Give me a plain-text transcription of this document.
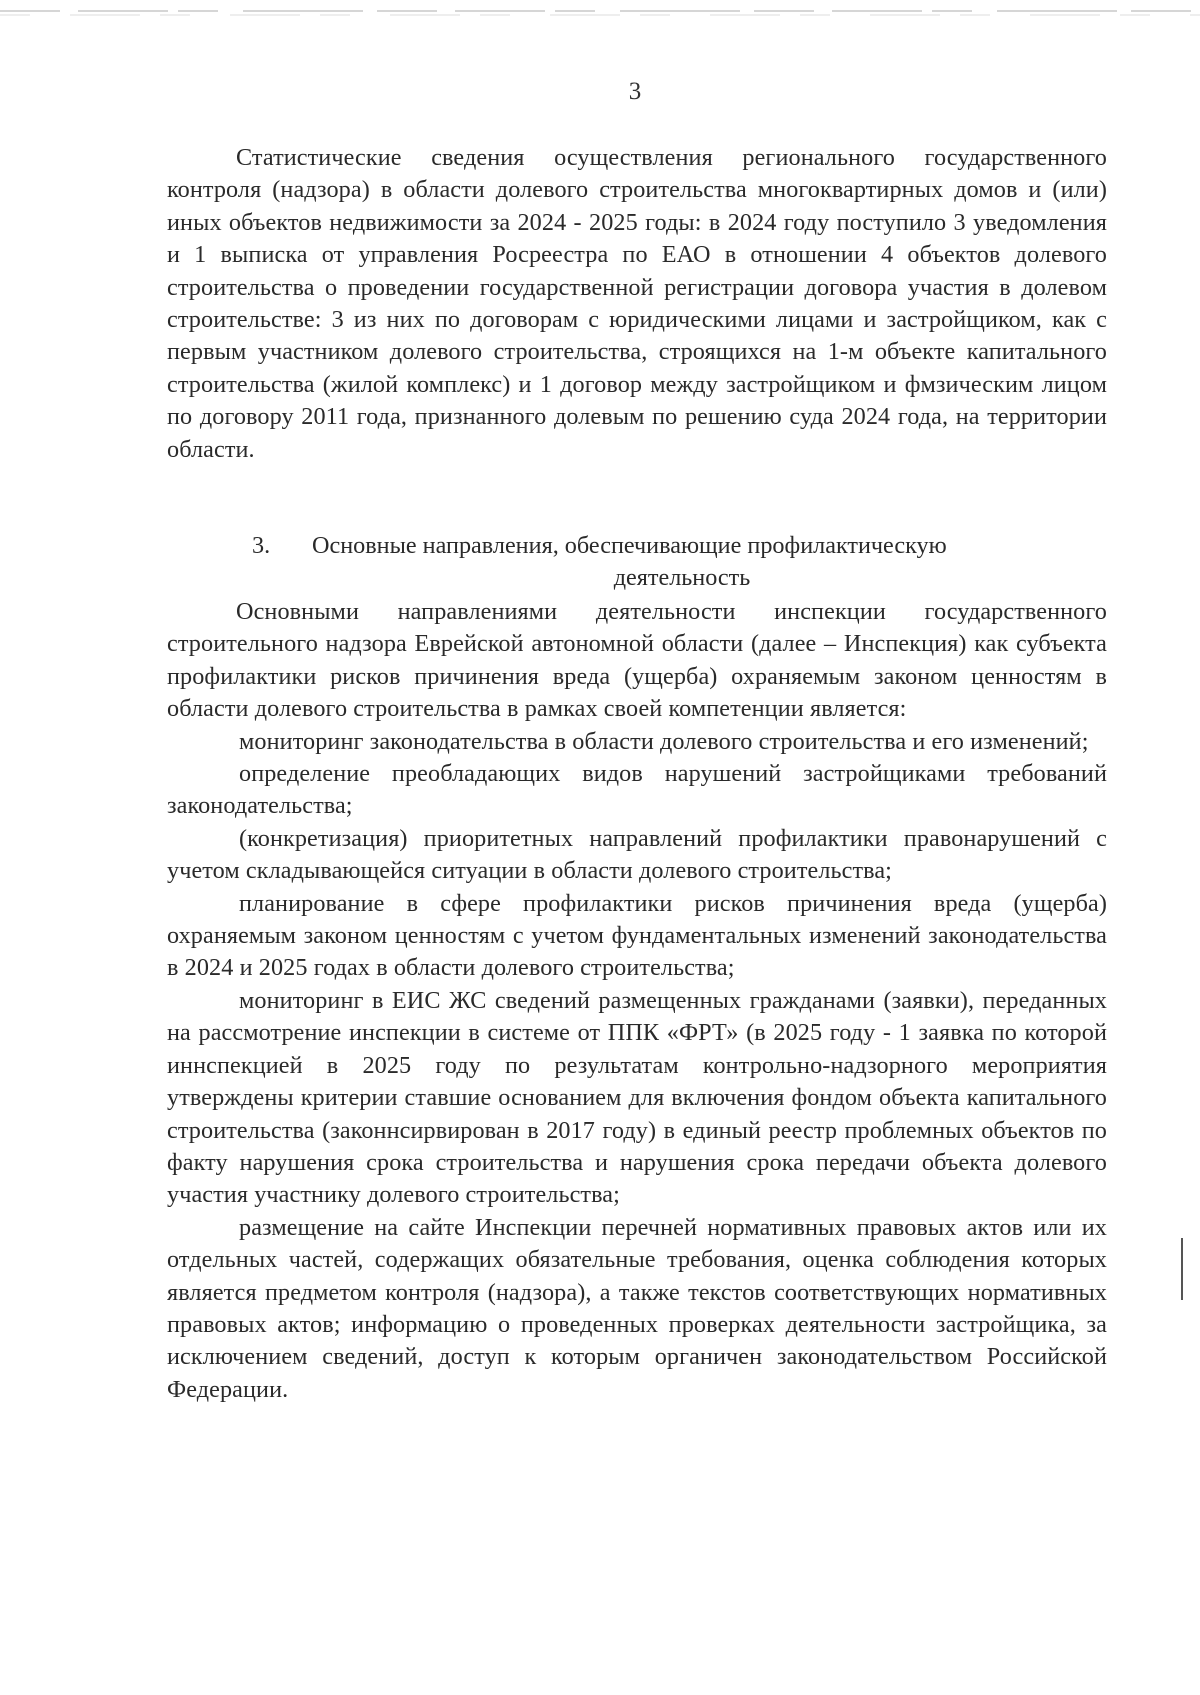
3

Статистические сведения осуществления регионального государственного контроля (надзора) в области долевого строительства многоквартирных домов и (или) иных объектов недвижимости за 2024 - 2025 годы: в 2024 году поступило 3 уведомления и 1 выписка от управления Росреестра по ЕАО в отношении 4 объектов долевого строительства о проведении государственной регистрации договора участия в долевом строительстве: 3 из них по договорам с юридическими лицами и застройщиком, как с первым участником долевого строительства, строящихся на 1-м объекте капитального строительства (жилой комплекс) и 1 договор между застройщиком и фмзическим лицом по договору 2011 года, признанного долевым по решению суда 2024 года, на территории области.

3.	Основные направления, обеспечивающие профилактическую
деятельность

Основными направлениями деятельности инспекции государственного строительного надзора Еврейской автономной области (далее – Инспекция) как субъекта профилактики рисков причинения вреда (ущерба) охраняемым законом ценностям в области долевого строительства в рамках своей компетенции является:

мониторинг законодательства в области долевого строительства и его изменений;

определение преобладающих видов нарушений застройщиками требований законодательства;

(конкретизация) приоритетных направлений профилактики правонарушений с учетом складывающейся ситуации в области долевого строительства;

планирование в сфере профилактики рисков причинения вреда (ущерба) охраняемым законом ценностям с учетом фундаментальных изменений законодательства в 2024 и 2025 годах в области долевого строительства;

мониторинг в ЕИС ЖС сведений размещенных гражданами (заявки), переданных на рассмотрение инспекции в системе от ППК «ФРТ» (в 2025 году - 1 заявка по которой иннспекцией в 2025 году по результатам контрольно-надзорного мероприятия утверждены критерии ставшие основанием для включения фондом объекта капитального строительства (законнсирвирован в 2017 году) в единый реестр проблемных объектов по факту нарушения срока строительства и нарушения срока передачи объекта долевого участия участнику долевого строительства;

размещение на сайте Инспекции перечней нормативных правовых актов или их отдельных частей, содержащих обязательные требования, оценка соблюдения которых является предметом контроля (надзора), а также текстов соответствующих нормативных правовых актов; информацию о проведенных проверках деятельности застройщика, за исключением сведений, доступ к которым органичен законодательством Российской Федерации.
